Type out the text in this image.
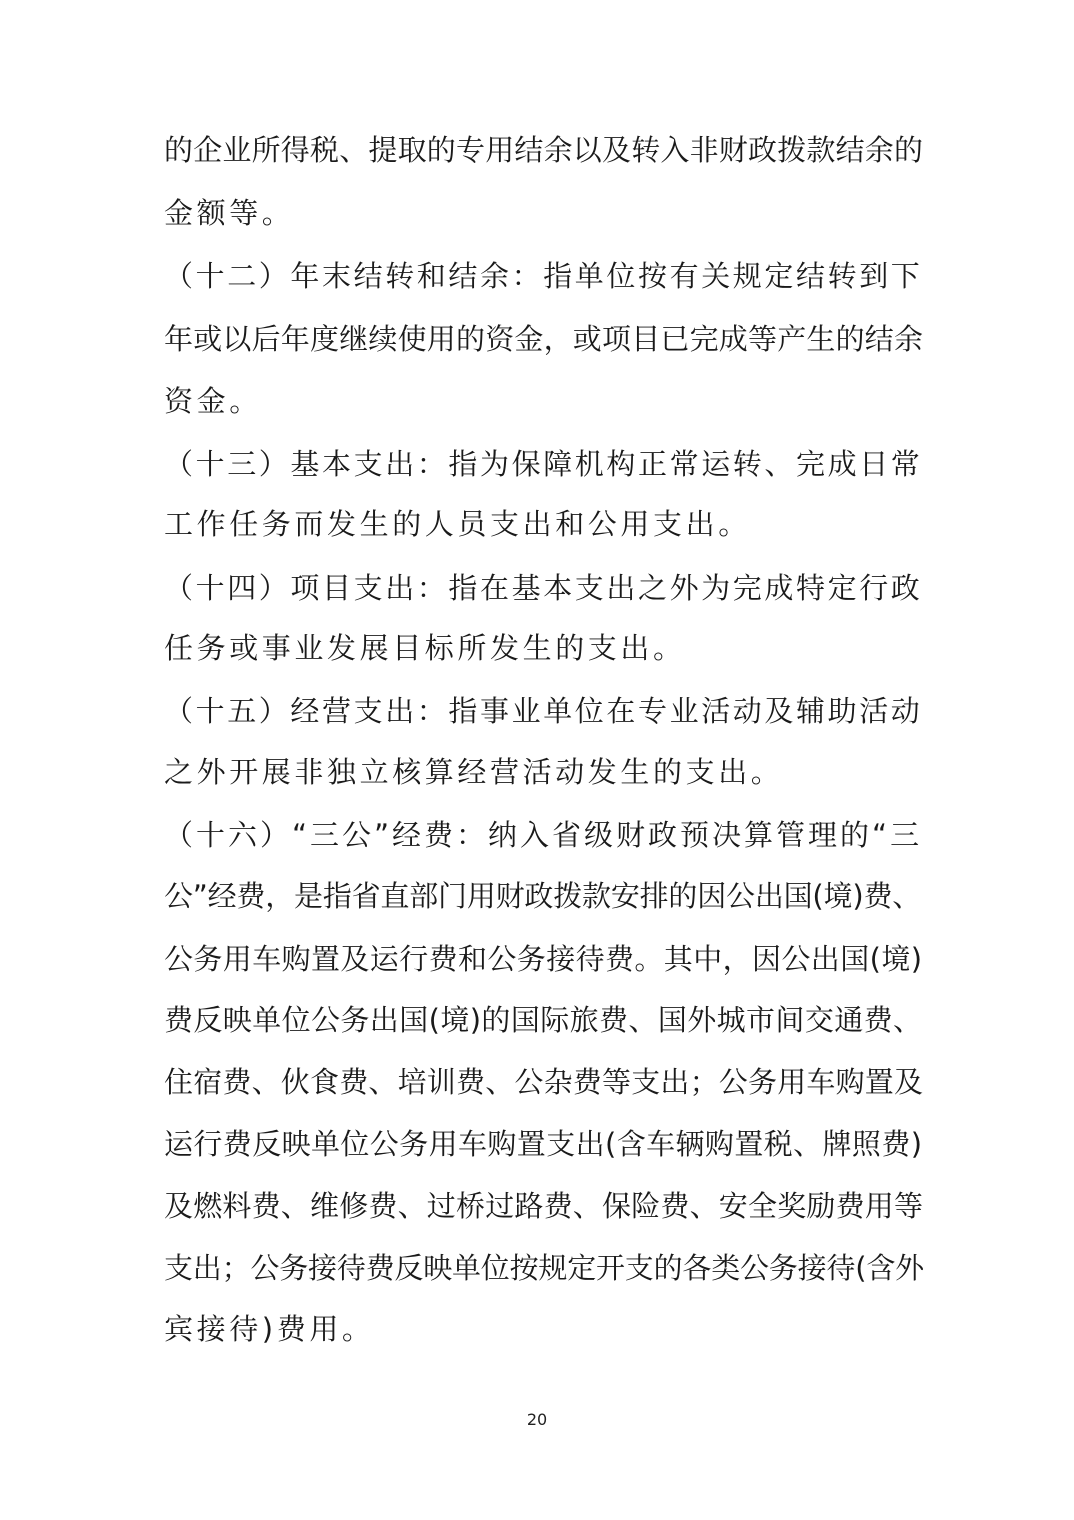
的企业所得税、提取的专用结余以及转入非财政拨款结余的
金额等。
（十二）年末结转和结余：指单位按有关规定结转到下
年或以后年度继续使用的资金，或项目已完成等产生的结余
资金。
（十三）基本支出：指为保障机构正常运转、完成日常
工作任务而发生的人员支出和公用支出。
（十四）项目支出：指在基本支出之外为完成特定行政
任务或事业发展目标所发生的支出。
（十五）经营支出：指事业单位在专业活动及辅助活动
之外开展非独立核算经营活动发生的支出。
（十六）“三公”经费：纳入省级财政预决算管理的“三
公”经费，是指省直部门用财政拨款安排的因公出国(境)费、
公务用车购置及运行费和公务接待费。其中，因公出国(境)
费反映单位公务出国(境)的国际旅费、国外城市间交通费、
住宿费、伙食费、培训费、公杂费等支出；公务用车购置及
运行费反映单位公务用车购置支出(含车辆购置税、牌照费)
及燃料费、维修费、过桥过路费、保险费、安全奖励费用等
支出；公务接待费反映单位按规定开支的各类公务接待(含外
宾接待)费用。
20
